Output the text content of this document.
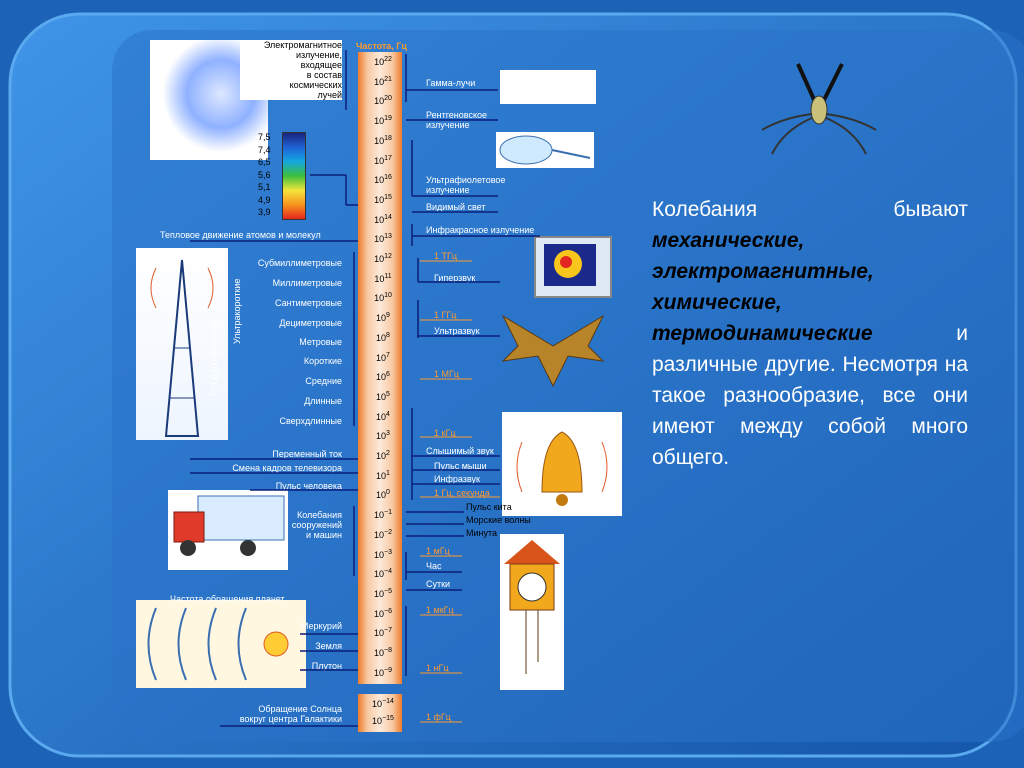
Частота, Гц
$10^{22}$
$10^{21}$
$10^{20}$
$10^{19}$
$10^{18}$
$10^{17}$
$10^{16}$
$10^{15}$
$10^{14}$
$10^{13}$
$10^{12}$
$10^{11}$
$10^{10}$
$10^9$
$10^8$
$10^7$
$10^6$
$10^5$
$10^4$
$10^3$
$10^2$
$10^1$
$10^0$
$10^{-1}$
$10^{-2}$
$10^{-3}$
$10^{-4}$
$10^{-5}$
$10^{-6}$
$10^{-7}$
$10^{-8}$
$10^{-9}$
$10^{-14}$
$10^{-15}$
7,5
7,4
6,5
5,6
5,1
4,9
3,9
Электромагнитное
излучение,
входящее
в состав
космических
лучей
Тепловое движение атомов и молекул
Радиоволны
Ультракороткие
Субмиллиметровые
Миллиметровые
Сантиметровые
Дециметровые
Метровые
Короткие
Средние
Длинные
Сверхдлинные
Переменный ток
Смена кадров телевизора
Пульс человека
Колебания
сооружений
и машин
Частота обращения планет
Меркурий
Земля
Плутон
Обращение Солнца
вокруг центра Галактики
Гамма-лучи
Рентгеновское
излучение
Ультрафиолетовое
излучение
Видимый свет
Инфракрасное излучение
1 ТГц
Гиперзвук
1 ГГц
Ультразвук
1 МГц
1 кГц
Слышимый звук
Пульс мыши
Инфразвук
1 Гц, секунда
Пульс кита
Морские волны
Минута
1 мГц
Час
Сутки
1 мкГц
1 нГц
1 фГц
Колебания бывают механические, электромагнитные, химические, термодинамические	и различные другие. Несмотря на такое разнообразие, все они имеют между собой много общего.
